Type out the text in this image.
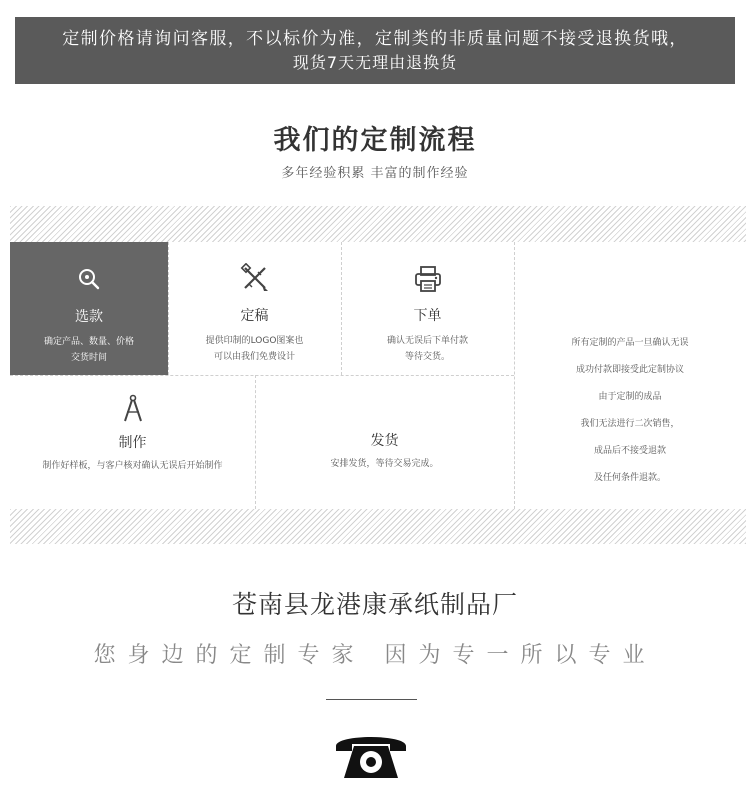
定制价格请询问客服，不以标价为准，定制类的非质量问题不接受退换货哦，
现货7天无理由退换货
我们的定制流程
多年经验积累 丰富的制作经验
选款
确定产品、数量、价格
交货时间
定稿
提供印制的LOGO图案也
可以由我们免费设计
下单
确认无误后下单付款
等待交货。
制作
制作好样板，与客户核对确认无误后开始制作
发货
安排发货，等待交易完成。
所有定制的产品一旦确认无误
成功付款即接受此定制协议
由于定制的成品
我们无法进行二次销售，
成品后不接受退款
及任何条件退款。
苍南县龙港康承纸制品厂
您身边的定制专家 因为专一所以专业
